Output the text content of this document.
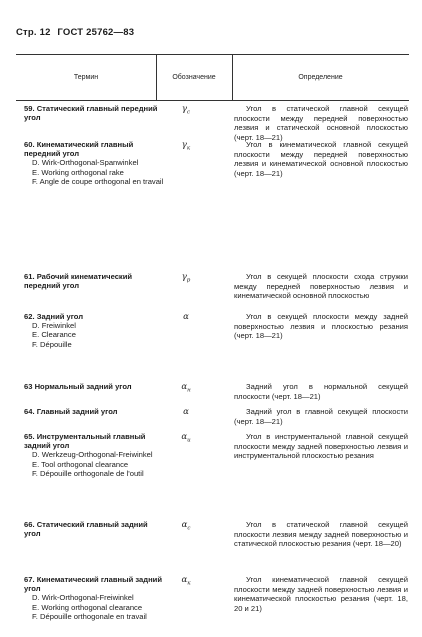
Стр. 12 ГОСТ 25762—83
Термин	Обозначение	Определение
59. Статический главный передний угол
$\gamma_c$	Угол в статической главной секущей плоскости между передней поверхностью лезвия и статической основной плоскостью (черт. 18—21)
60. Кинематический главный передний угол
D. Wirk-Orthogonal-Spanwinkel
E. Working orthogonal rake
F. Angle de coupe orthogonal en travail
$\gamma_к$	Угол в кинематической главной секущей плоскости между передней поверхностью лезвия и кинематической основной плоскостью (черт. 18—21)
61. Рабочий кинематический передний угол
$\gamma_р$	Угол в секущей плоскости схода стружки между передней поверхностью лезвия и кинематической основной плоскостью
62. Задний угол
D. Freiwinkel
E. Clearance
F. Dépouille
α	Угол в секущей плоскости между задней поверхностью лезвия и плоскостью резания (черт. 18—21)
63 Нормальный задний угол	$\alpha_н$	Задний угол в нормальной секущей плоскости (черт. 18—21)
64. Главный задний угол	α	Задний угол в главной секущей плоскости (черт. 18—21)
65. Инструментальный главный задний угол
D. Werkzeug-Orthogonal-Freiwinkel
E. Tool orthogonal clearance
F. Dépouille orthogonale de l'outil
$\alpha_и$	Угол в инструментальной главной секущей плоскости между задней поверхностью лезвия и инструментальной плоскостью резания
66. Статический главный задний угол
$\alpha_с$	Угол в статической главной секущей плоскости лезвия между задней поверхностью и статической плоскостью резания (черт. 18—20)
67. Кинематический главный задний угол
D. Wirk-Orthogonal-Freiwinkel
E. Working orthogonal clearance
F. Dépouille orthogonale en travail
$\alpha_к$	Угол кинематической главной секущей плоскости между задней поверхностью лезвия и кинематической плоскостью резания (черт. 18, 20 и 21)
